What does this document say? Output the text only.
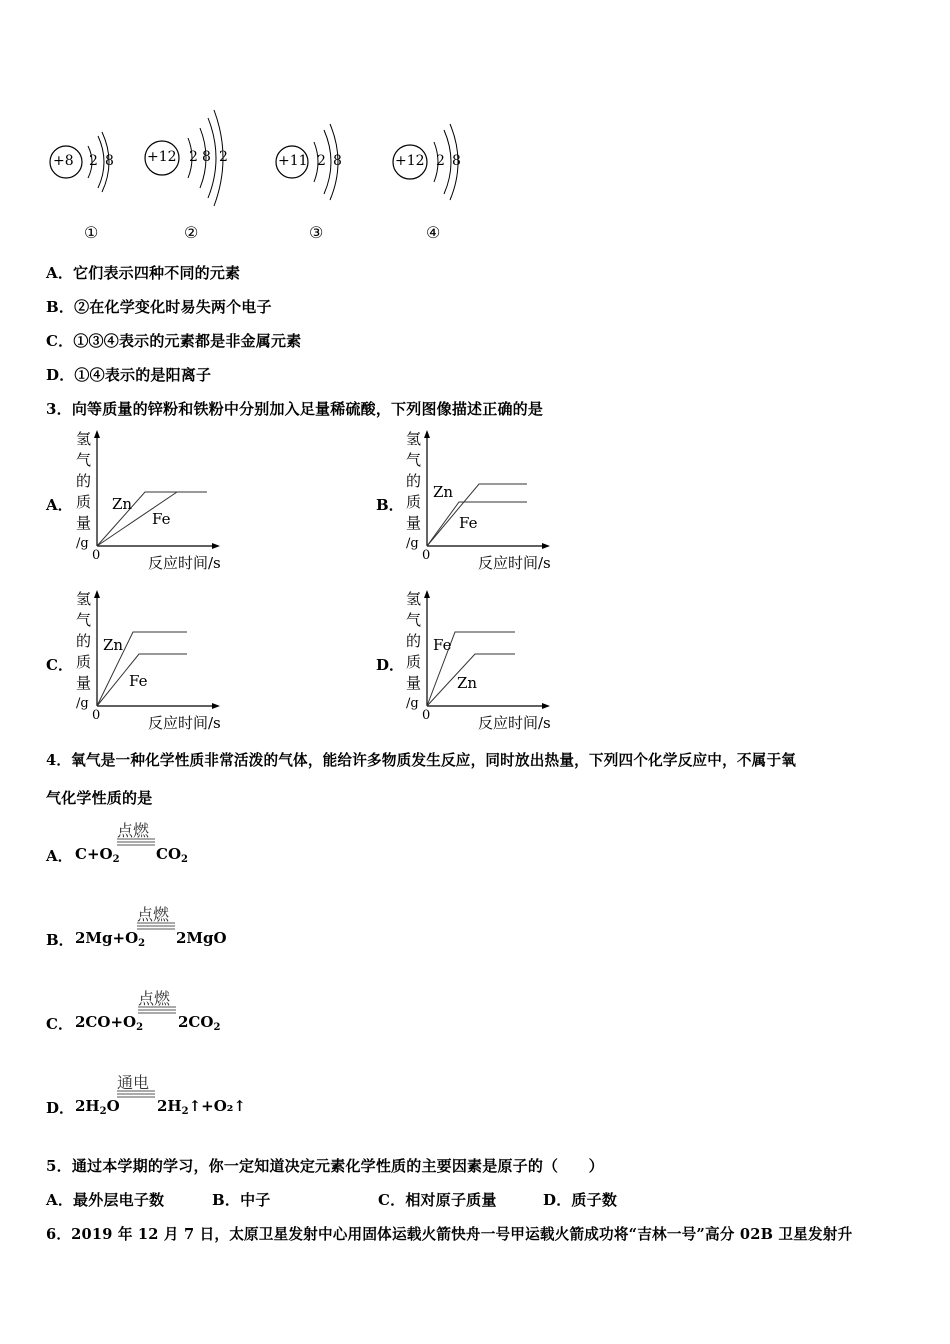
+8 2 8
①
+12 2 8 2
②
+11 2 8
③
+12 2 8
④
A．它们表示四种不同的元素
B．②在化学变化时易失两个电子
C．①③④表示的元素都是非金属元素
D．①④表示的是阳离子
3．向等质量的锌粉和铁粉中分别加入足量稀硫酸，下列图像描述正确的是
A．
氢
气
的
质
量
/g
0	反应时间/s
Zn
Fe
B．
氢
气
的
质
量
/g
0	反应时间/s
Zn
Fe
C．
氢
气
的
质
量
/g
0	反应时间/s
Zn
Fe
D．
氢
气
的
质
量
/g
0	反应时间/s
Fe
Zn
4．氧气是一种化学性质非常活泼的气体，能给许多物质发生反应，同时放出热量，下列四个化学反应中，不属于氧
气化学性质的是
A． $C+O_2$
点燃
$CO_2$
B． $2Mg+O_2$
点燃
2MgO
C． $2CO+O_2$
点燃
$2CO_2$
D． $2H_2O$
通电
$2H_2↑+O_2↑$
5．通过本学期的学习，你一定知道决定元素化学性质的主要因素是原子的（　　）
A．最外层电子数	B．中子	C．相对原子质量	D．质子数
6．2019 年 12 月 7 日，太原卫星发射中心用固体运载火箭快舟一号甲运载火箭成功将“吉林一号”高分 02B 卫星发射升
